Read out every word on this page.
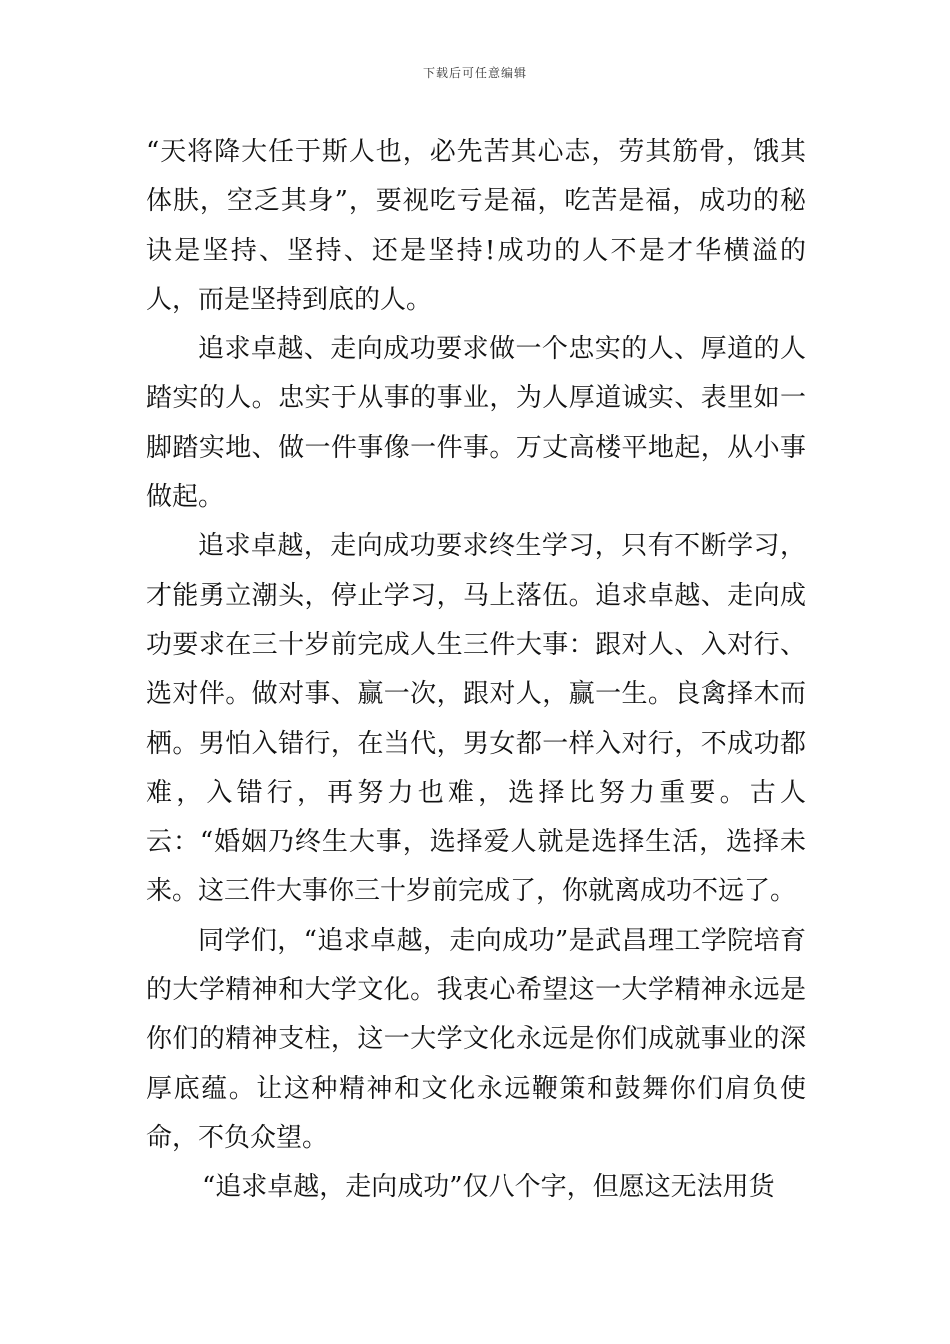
下载后可任意编辑

“天将降大任于斯人也，必先苦其心志，劳其筋骨，饿其体肤，空乏其身”，要视吃亏是福，吃苦是福，成功的秘诀是坚持、坚持、还是坚持!成功的人不是才华横溢的人，而是坚持到底的人。

追求卓越、走向成功要求做一个忠实的人、厚道的人踏实的人。忠实于从事的事业，为人厚道诚实、表里如一脚踏实地、做一件事像一件事。万丈高楼平地起，从小事做起。

追求卓越，走向成功要求终生学习，只有不断学习，才能勇立潮头，停止学习，马上落伍。追求卓越、走向成功要求在三十岁前完成人生三件大事：跟对人、入对行、选对伴。做对事、赢一次，跟对人，赢一生。良禽择木而栖。男怕入错行，在当代，男女都一样入对行，不成功都难，入错行，再努力也难，选择比努力重要。古人云：“婚姻乃终生大事，选择爱人就是选择生活，选择未来。这三件大事你三十岁前完成了，你就离成功不远了。

同学们，“追求卓越，走向成功”是武昌理工学院培育的大学精神和大学文化。我衷心希望这一大学精神永远是你们的精神支柱，这一大学文化永远是你们成就事业的深厚底蕴。让这种精神和文化永远鞭策和鼓舞你们肩负使命，不负众望。

“追求卓越，走向成功”仅八个字，但愿这无法用货
